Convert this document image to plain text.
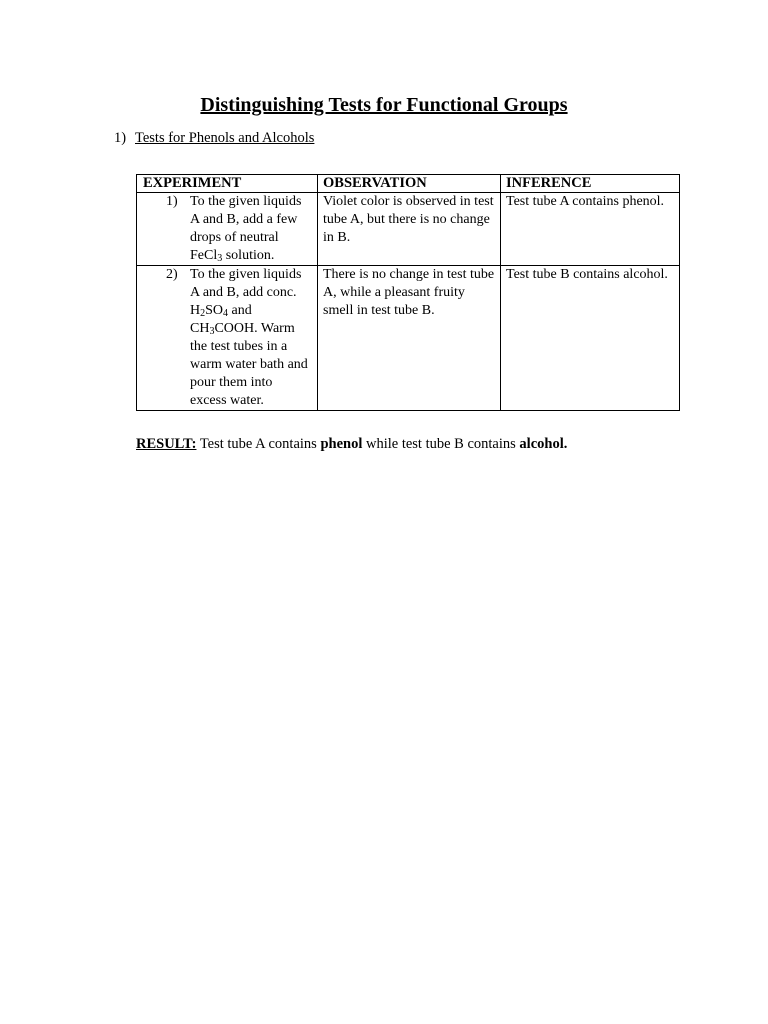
Distinguishing Tests for Functional Groups
1) Tests for Phenols and Alcohols
EXPERIMENT	OBSERVATION	INFERENCE

1) To the given liquids A and B, add a few drops of neutral FeCl$_3$ solution.	Violet color is observed in test tube A, but there is no change in B.	Test tube A contains phenol.

2) To the given liquids A and B, add conc. $H_2SO_4$ and $CH_3COOH$. Warm the test tubes in a warm water bath and pour them into excess water.	There is no change in test tube A, while a pleasant fruity smell in test tube B.	Test tube B contains alcohol.
RESULT: Test tube A contains phenol while test tube B contains alcohol.
